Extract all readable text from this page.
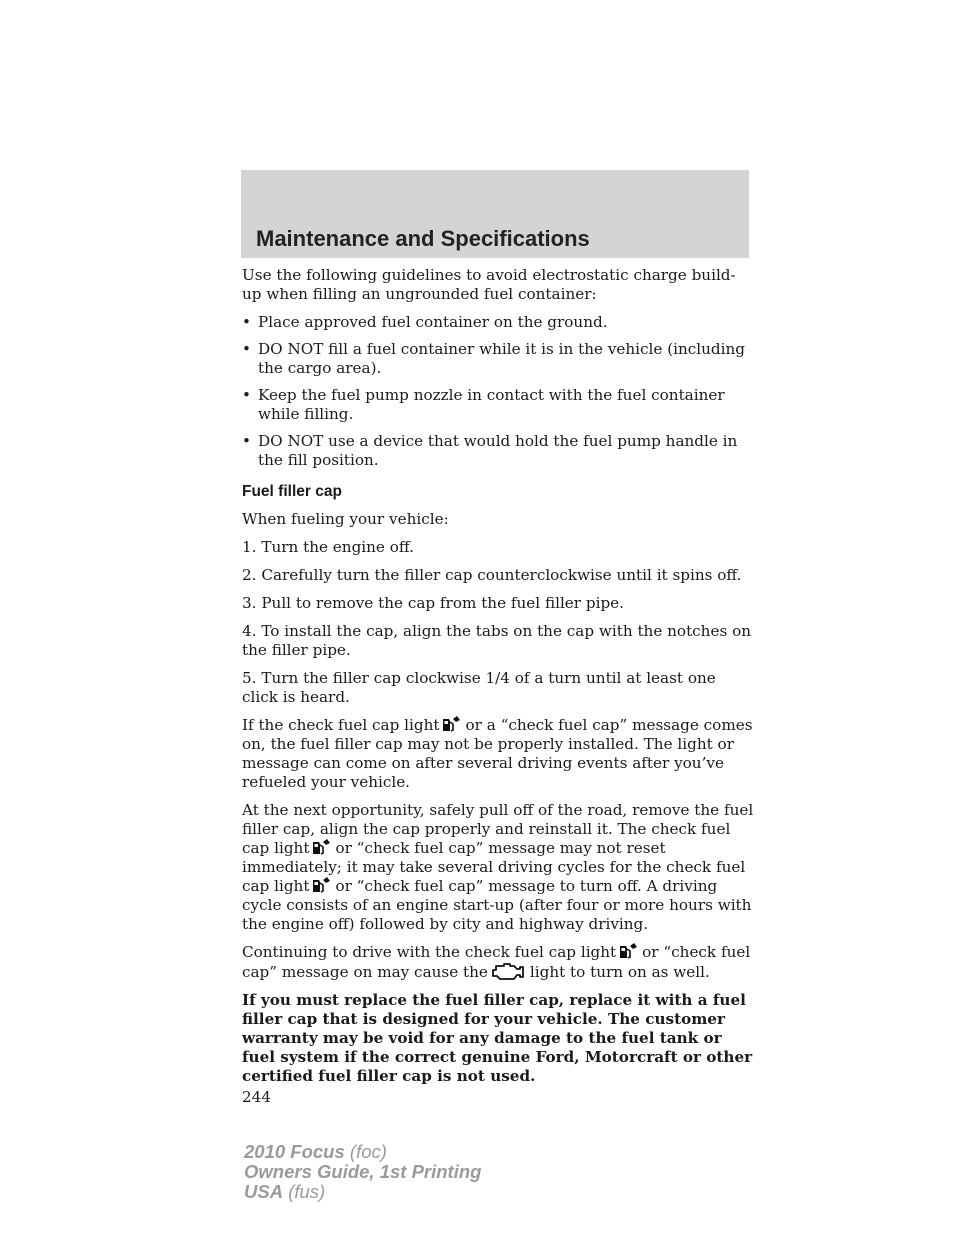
Maintenance and Specifications

Use the following guidelines to avoid electrostatic charge build-up when filling an ungrounded fuel container:

• Place approved fuel container on the ground.
• DO NOT fill a fuel container while it is in the vehicle (including the cargo area).
• Keep the fuel pump nozzle in contact with the fuel container while filling.
• DO NOT use a device that would hold the fuel pump handle in the fill position.
Fuel filler cap

When fueling your vehicle:

1. Turn the engine off.

2. Carefully turn the filler cap counterclockwise until it spins off.

3. Pull to remove the cap from the fuel filler pipe.

4. To install the cap, align the tabs on the cap with the notches on the filler pipe.

5. Turn the filler cap clockwise 1/4 of a turn until at least one click is heard.

If the check fuel cap light or a “check fuel cap” message comes on, the fuel filler cap may not be properly installed. The light or message can come on after several driving events after you’ve refueled your vehicle.

At the next opportunity, safely pull off of the road, remove the fuel filler cap, align the cap properly and reinstall it. The check fuel cap light or “check fuel cap” message may not reset immediately; it may take several driving cycles for the check fuel cap light or “check fuel cap” message to turn off. A driving cycle consists of an engine start-up (after four or more hours with the engine off) followed by city and highway driving.

Continuing to drive with the check fuel cap light or “check fuel cap” message on may cause the	light to turn on as well.

If you must replace the fuel filler cap, replace it with a fuel filler cap that is designed for your vehicle. The customer warranty may be void for any damage to the fuel tank or fuel system if the correct genuine Ford, Motorcraft or other certified fuel filler cap is not used.

244
2010 Focus (foc)
Owners Guide, 1st Printing
USA (fus)
